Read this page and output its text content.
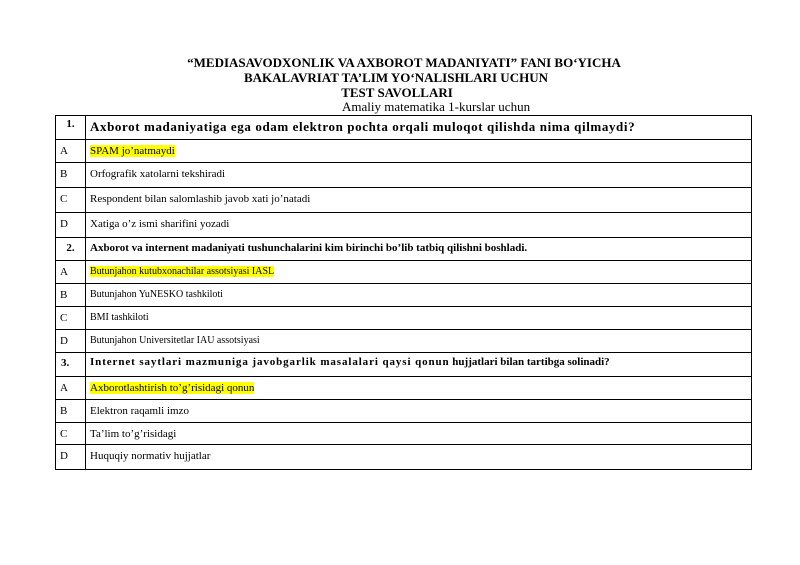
“MEDIASAVODXONLIK VA AXBOROT MADANIYATI” FANI BO‘YICHA
BAKALAVRIAT TA’LIM YO‘NALISHLARI UCHUN
TEST SAVOLLARI
Amaliy matematika 1-kurslar uchun
1.	Axborot madaniyatiga ega odam elektron pochta orqali muloqot qilishda nima qilmaydi?

A	SPAM jo’natmaydi

B	Orfografik xatolarni tekshiradi

C	Respondent bilan salomlashib javob xati jo’natadi

D	Xatiga o’z ismi sharifini yozadi

2.	Axborot va internent madaniyati tushunchalarini kim birinchi bo’lib tatbiq qilishni boshladi.

A	Butunjahon kutubxonachilar assotsiyasi IASL

B	Butunjahon YuNESKO tashkiloti

C	BMI tashkiloti

D	Butunjahon Universitetlar IAU assotsiyasi

3.	Internet saytlari mazmuniga javobgarlik masalalari qaysi qonun hujjatlari bilan tartibga solinadi?

A	Axborotlashtirish to’g’risidagi qonun

B	Elektron raqamli imzo

C	Ta’lim to’g’risidagi

D	Huquqiy normativ hujjatlar
